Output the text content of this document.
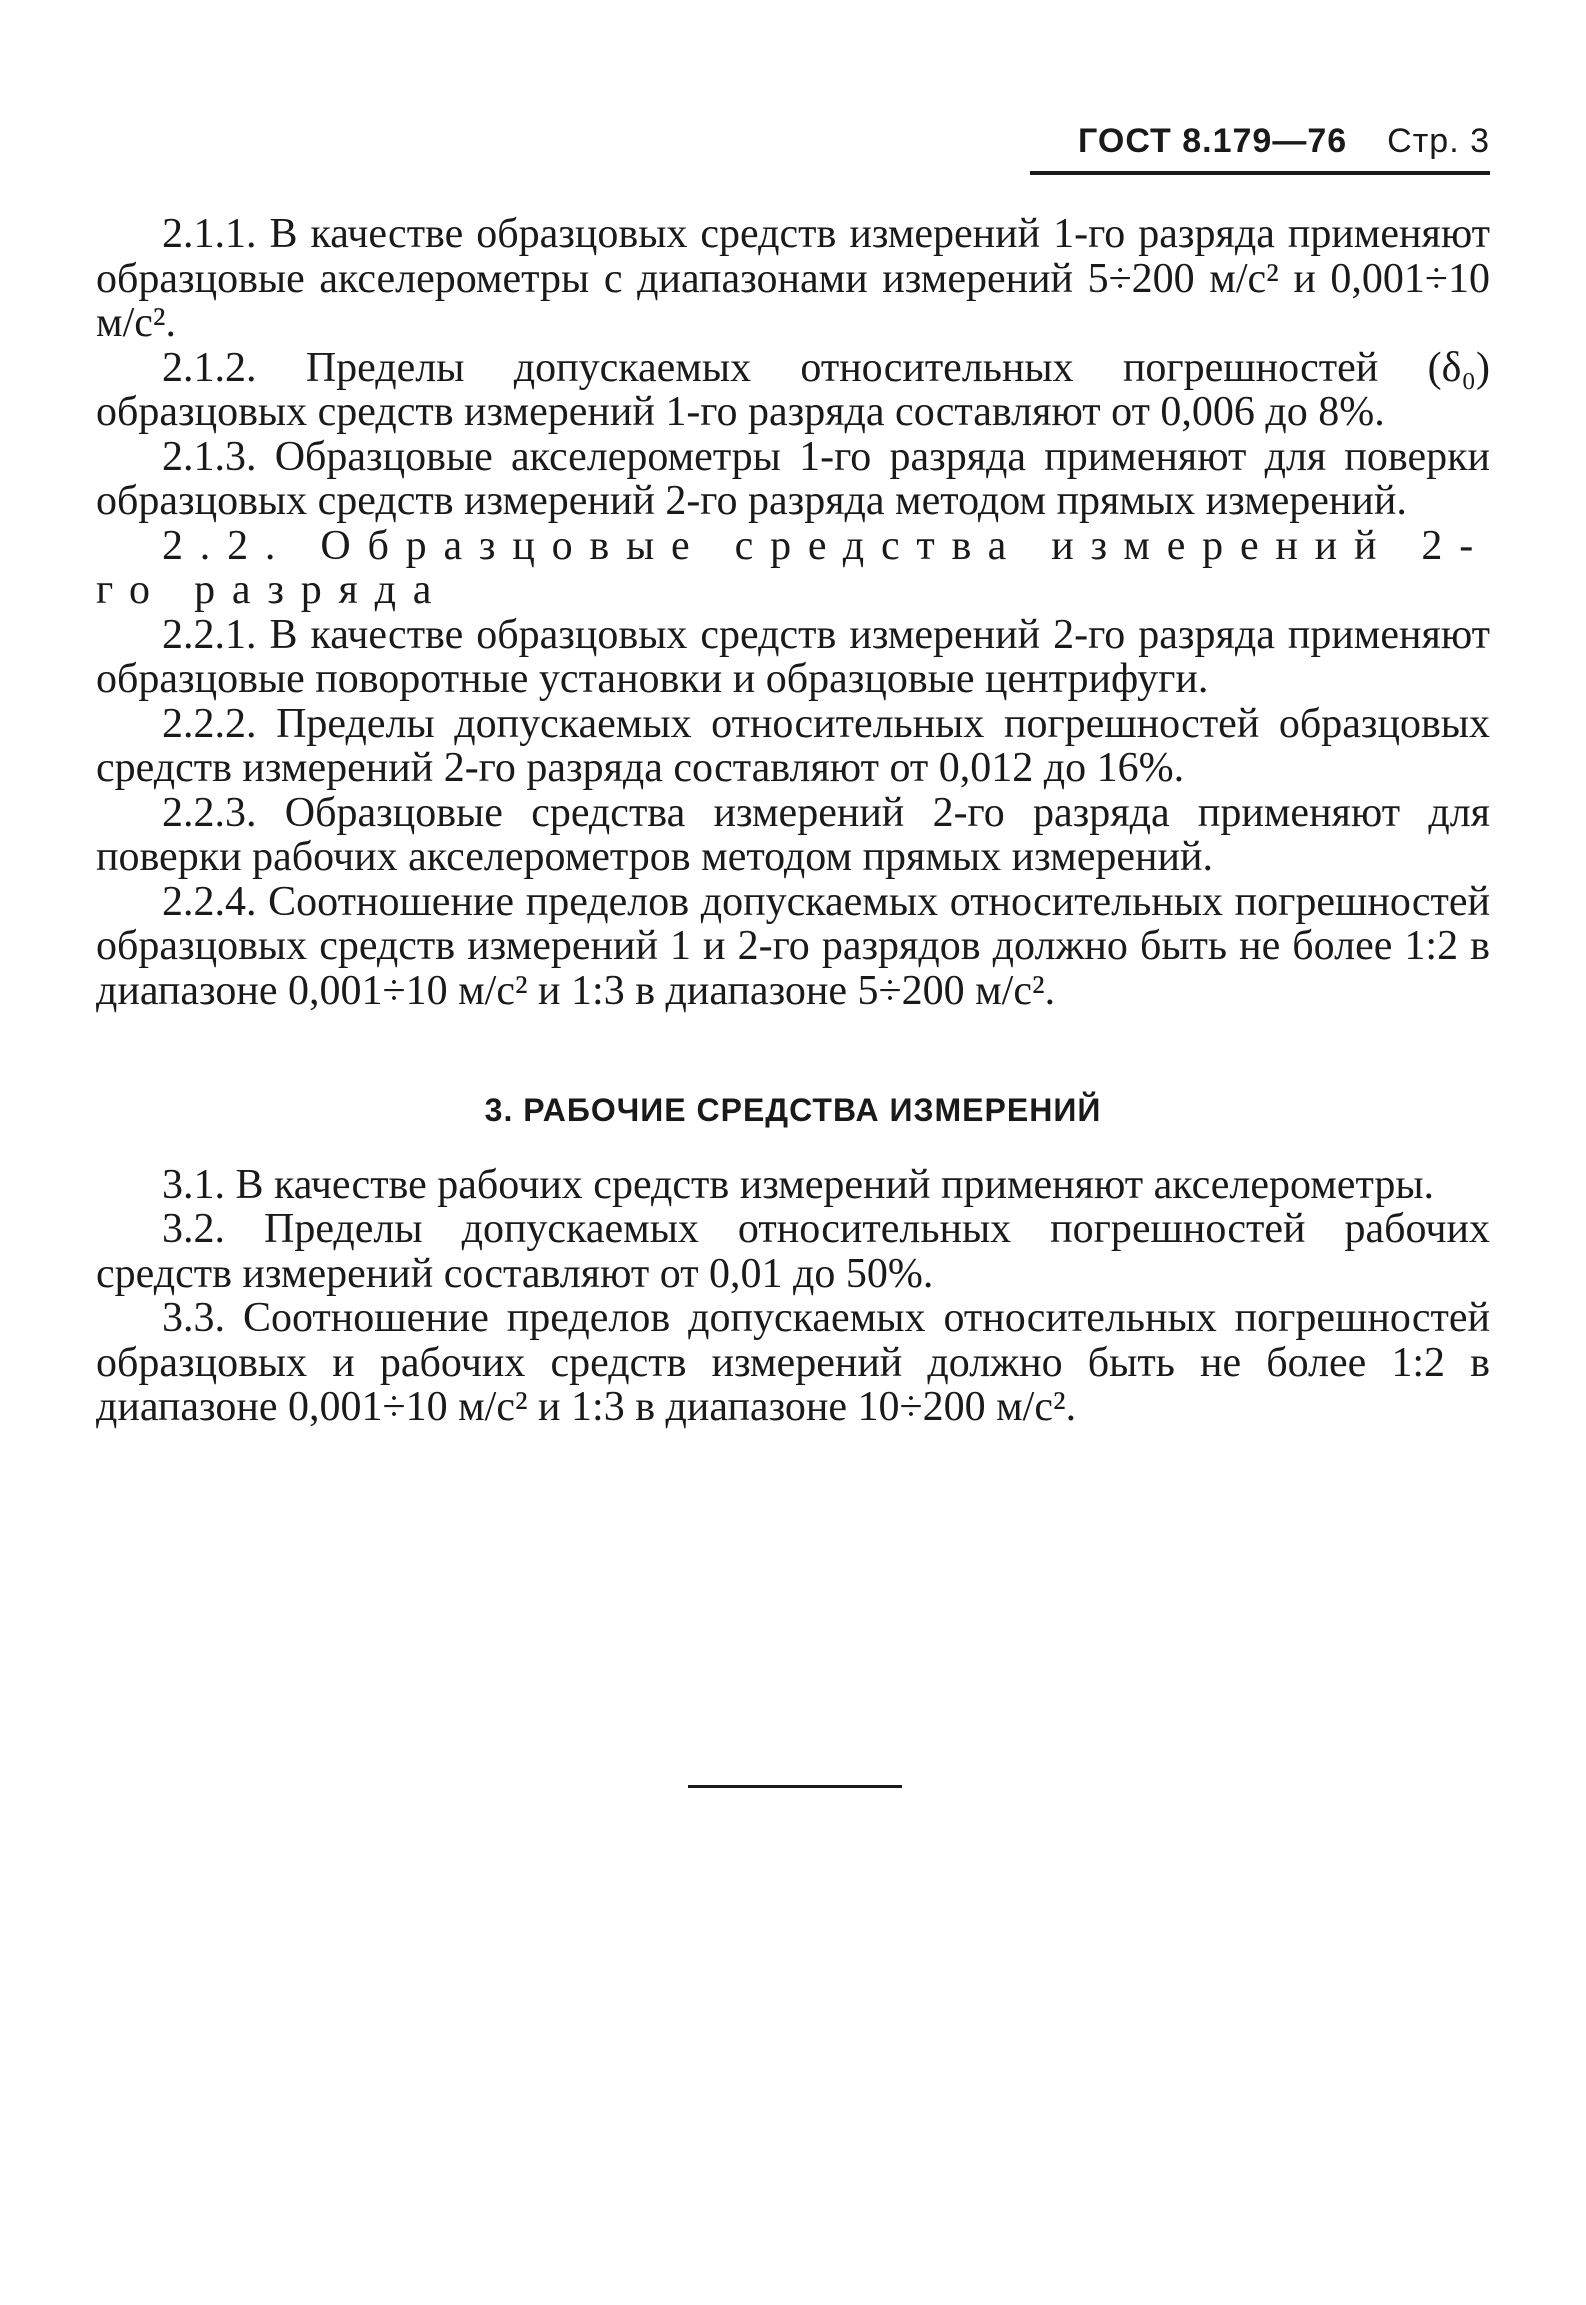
ГОСТ 8.179—76 Стр. 3

2.1.1. В качестве образцовых средств измерений 1-го разряда применяют образцовые акселерометры с диапазонами измерений 5÷200 м/с² и 0,001÷10 м/с².

2.1.2. Пределы допускаемых относительных погрешностей (δ₀) образцовых средств измерений 1-го разряда составляют от 0,006 до 8%.

2.1.3. Образцовые акселерометры 1-го разряда применяют для поверки образцовых средств измерений 2-го разряда методом прямых измерений.

2.2. Образцовые средства измерений 2-го разряда

2.2.1. В качестве образцовых средств измерений 2-го разряда применяют образцовые поворотные установки и образцовые центрифуги.

2.2.2. Пределы допускаемых относительных погрешностей образцовых средств измерений 2-го разряда составляют от 0,012 до 16%.

2.2.3. Образцовые средства измерений 2-го разряда применяют для поверки рабочих акселерометров методом прямых измерений.

2.2.4. Соотношение пределов допускаемых относительных погрешностей образцовых средств измерений 1 и 2-го разрядов должно быть не более 1:2 в диапазоне 0,001÷10 м/с² и 1:3 в диапазоне 5÷200 м/с².

3. РАБОЧИЕ СРЕДСТВА ИЗМЕРЕНИЙ

3.1. В качестве рабочих средств измерений применяют акселерометры.

3.2. Пределы допускаемых относительных погрешностей рабочих средств измерений составляют от 0,01 до 50%.

3.3. Соотношение пределов допускаемых относительных погрешностей образцовых и рабочих средств измерений должно быть не более 1:2 в диапазоне 0,001÷10 м/с² и 1:3 в диапазоне 10÷200 м/с².
